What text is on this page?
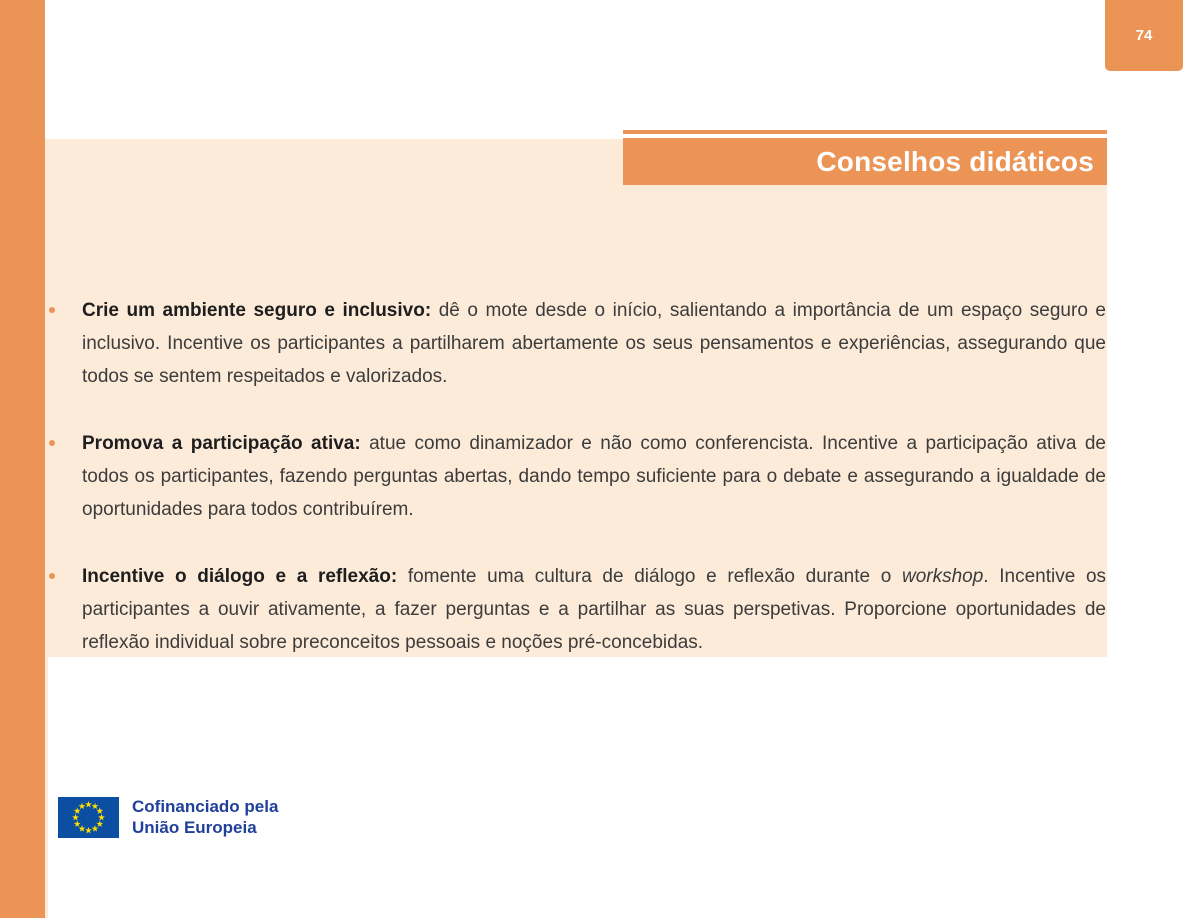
74
Conselhos didáticos
Crie um ambiente seguro e inclusivo: dê o mote desde o início, salientando a importância de um espaço seguro e inclusivo. Incentive os participantes a partilharem abertamente os seus pensamentos e experiências, assegurando que todos se sentem respeitados e valorizados.
Promova a participação ativa: atue como dinamizador e não como conferencista. Incentive a participação ativa de todos os participantes, fazendo perguntas abertas, dando tempo suficiente para o debate e assegurando a igualdade de oportunidades para todos contribuírem.
Incentive o diálogo e a reflexão: fomente uma cultura de diálogo e reflexão durante o workshop. Incentive os participantes a ouvir ativamente, a fazer perguntas e a partilhar as suas perspetivas. Proporcione oportunidades de reflexão individual sobre preconceitos pessoais e noções pré-concebidas.
Cofinanciado pela
União Europeia
